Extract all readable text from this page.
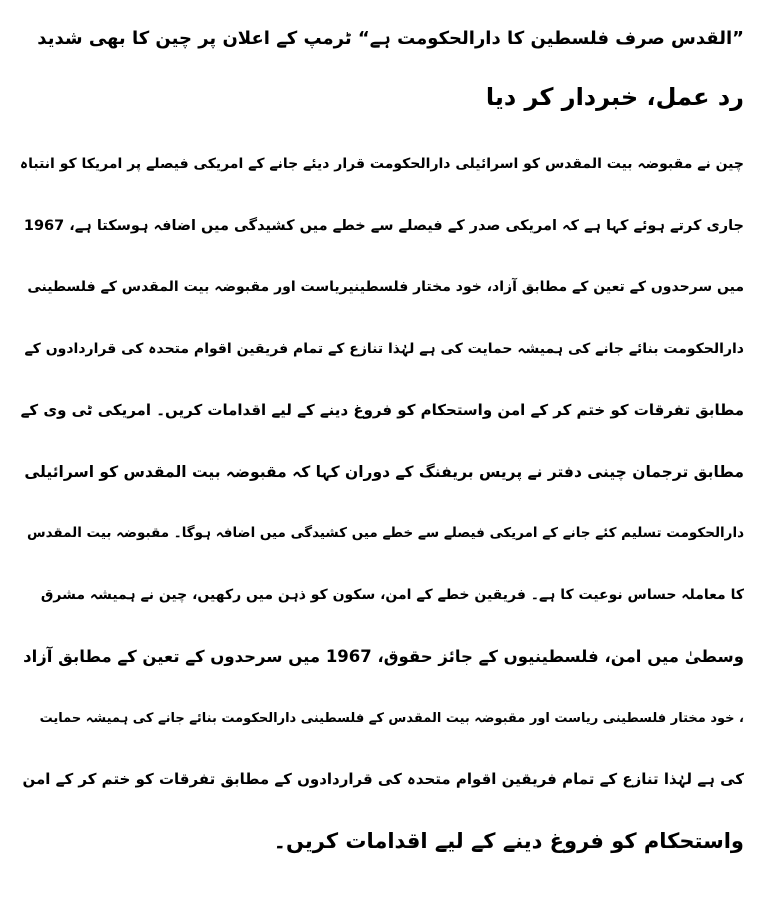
”القدس صرف فلسطین کا دارالحکومت ہے“ ٹرمپ کے اعلان پر چین کا بھی شدید
رد عمل، خبردار کر دیا
چین نے مقبوضہ بیت المقدس کو اسرائیلی دارالحکومت قرار دیئے جانے کے امریکی فیصلے پر امریکا کو انتباہ
جاری کرتے ہوئے کہا ہے کہ امریکی صدر کے فیصلے سے خطے میں کشیدگی میں اضافہ ہوسکتا ہے، 1967
میں سرحدوں کے تعین کے مطابق آزاد، خود مختار فلسطینیریاست اور مقبوضہ بیت المقدس کے فلسطینی
دارالحکومت بنائے جانے کی ہمیشہ حمایت کی ہے لہٰذا تنازع کے تمام فریقین اقوام متحدہ کی قراردادوں کے
مطابق تفرقات کو ختم کر کے امن واستحکام کو فروغ دینے کے لیے اقدامات کریں۔ امریکی ٹی وی کے
مطابق ترجمان چینی دفتر نے پریس بریفنگ کے دوران کہا کہ مقبوضہ بیت المقدس کو اسرائیلی
دارالحکومت تسلیم کئے جانے کے امریکی فیصلے سے خطے میں کشیدگی میں اضافہ ہوگا۔ مقبوضہ بیت المقدس
کا معاملہ حساس نوعیت کا ہے۔ فریقین خطے کے امن، سکون کو ذہن میں رکھیں، چین نے ہمیشہ مشرق
وسطیٰ میں امن، فلسطینیوں کے جائز حقوق، 1967 میں سرحدوں کے تعین کے مطابق آزاد
، خود مختار فلسطینی ریاست اور مقبوضہ بیت المقدس کے فلسطینی دارالحکومت بنائے جانے کی ہمیشہ حمایت
کی ہے لہٰذا تنازع کے تمام فریقین اقوام متحدہ کی قراردادوں کے مطابق تفرقات کو ختم کر کے امن
واستحکام کو فروغ دینے کے لیے اقدامات کریں۔
